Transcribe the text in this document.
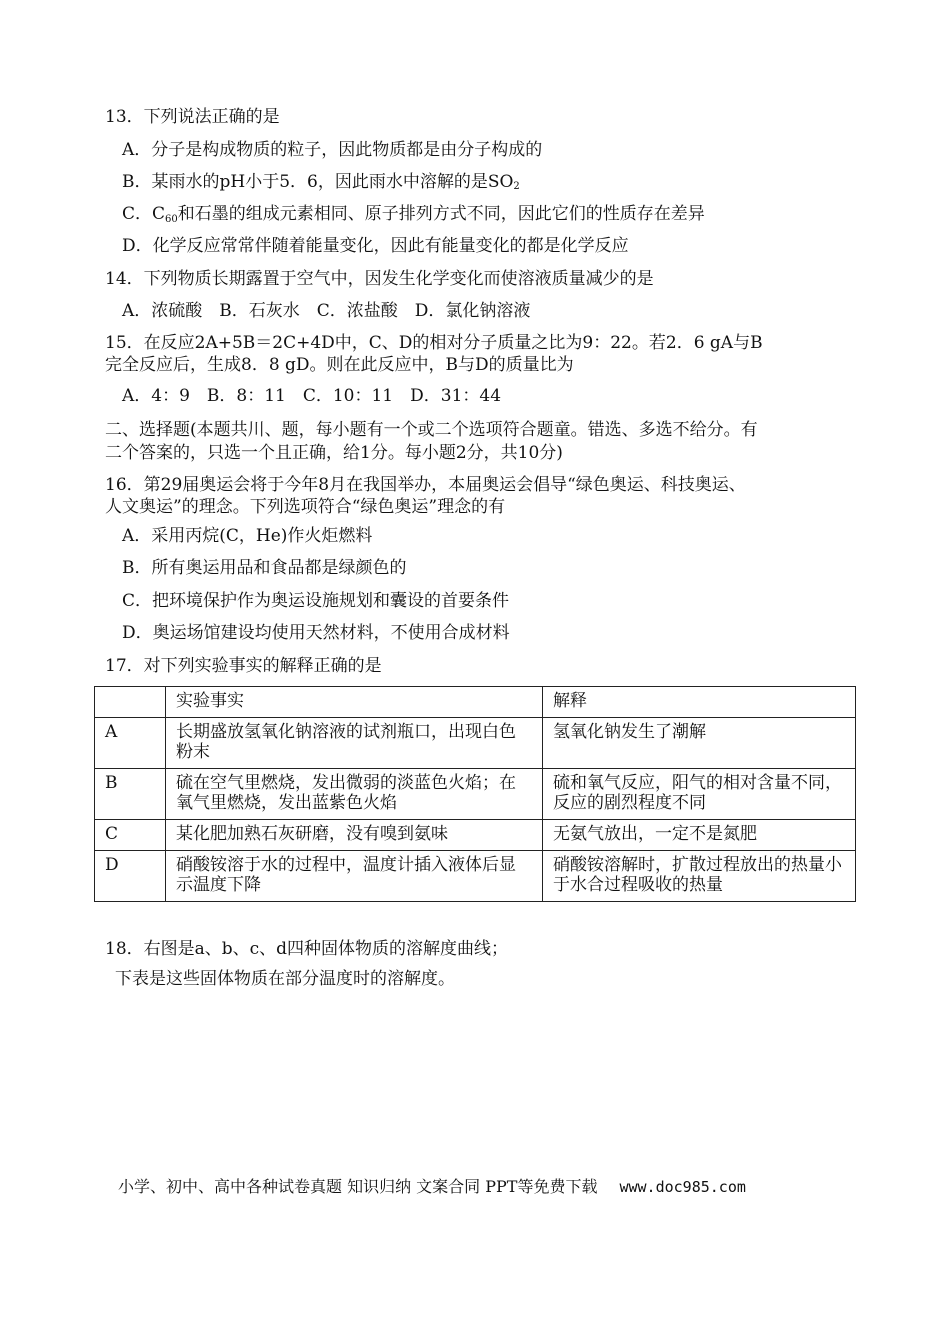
13．下列说法正确的是
A．分子是构成物质的粒子，因此物质都是由分子构成的
B．某雨水的pH小于5．6，因此雨水中溶解的是$SO_2$
C．$C_{60}$和石墨的组成元素相同、原子排列方式不同，因此它们的性质存在差异
D．化学反应常常伴随着能量变化，因此有能量变化的都是化学反应
14．下列物质长期露置于空气中，因发生化学变化而使溶液质量减少的是
A．浓硫酸　B．石灰水　C．浓盐酸　D．氯化钠溶液
15．在反应2A+5B＝2C+4D中，C、D的相对分子质量之比为9：22。若2．6 gA与B
完全反应后，生成8．8 gD。则在此反应中，B与D的质量比为
A．4：9　B．8：11　C．10：11　D．31：44
二、选择题(本题共川、题，每小题有一个或二个选项符合题童。错选、多选不给分。有
二个答案的，只选一个且正确，给1分。每小题2分，共10分)
16．第29届奥运会将于今年8月在我国举办，本届奥运会倡导“绿色奥运、科技奥运、
人文奥运”的理念。下列选项符合“绿色奥运”理念的有
A．采用丙烷(C，He)作火炬燃料
B．所有奥运用品和食品都是绿颜色的
C．把环境保护作为奥运设施规划和囊设的首要条件
D．奥运场馆建设均使用天然材料，不使用合成材料
17．对下列实验事实的解释正确的是
	实验事实	解释
A	长期盛放氢氧化钠溶液的试剂瓶口，出现白色粉末	氢氧化钠发生了潮解
B	硫在空气里燃烧，发出微弱的淡蓝色火焰；在氧气里燃烧，发出蓝紫色火焰	硫和氧气反应，阳气的相对含量不同，反应的剧烈程度不同
C	某化肥加熟石灰研磨，没有嗅到氨味	无氨气放出，一定不是氮肥
D	硝酸铵溶于水的过程中，温度计插入液体后显示温度下降	硝酸铵溶解时，扩散过程放出的热量小于水合过程吸收的热量
18．右图是a、b、c、d四种固体物质的溶解度曲线；
下表是这些固体物质在部分温度时的溶解度。
小学、初中、高中各种试卷真题 知识归纳 文案合同 PPT等免费下载 www.doc985.com
